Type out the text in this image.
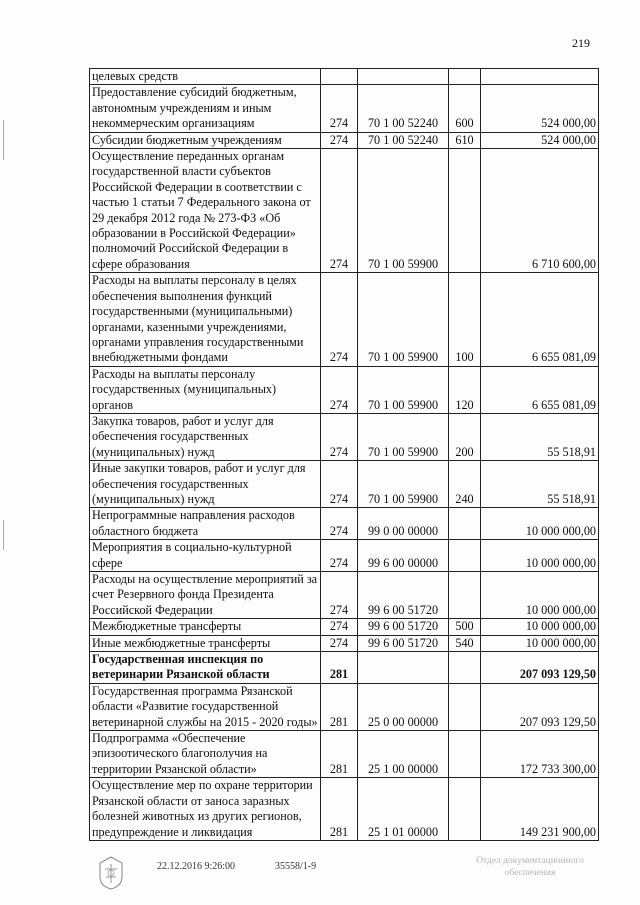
219
целевых средств				
Предоставление субсидий бюджетным, автономным учреждениям и иным некоммерческим организациям	274	70 1 00 52240	600	524 000,00
Субсидии бюджетным учреждениям	274	70 1 00 52240	610	524 000,00
Осуществление переданных органам государственной власти субъектов Российской Федерации в соответствии с частью 1 статьи 7 Федерального закона от 29 декабря 2012 года № 273-ФЗ «Об образовании в Российской Федерации» полномочий Российской Федерации в сфере образования	274	70 1 00 59900		6 710 600,00
Расходы на выплаты персоналу в целях обеспечения выполнения функций государственными (муниципальными) органами, казенными учреждениями, органами управления государственными внебюджетными фондами	274	70 1 00 59900	100	6 655 081,09
Расходы на выплаты персоналу государственных (муниципальных) органов	274	70 1 00 59900	120	6 655 081,09
Закупка товаров, работ и услуг для обеспечения государственных (муниципальных) нужд	274	70 1 00 59900	200	55 518,91
Иные закупки товаров, работ и услуг для обеспечения государственных (муниципальных) нужд	274	70 1 00 59900	240	55 518,91
Непрограммные направления расходов областного бюджета	274	99 0 00 00000		10 000 000,00
Мероприятия в социально-культурной сфере	274	99 6 00 00000		10 000 000,00
Расходы на осуществление мероприятий за счет Резервного фонда Президента Российской Федерации	274	99 6 00 51720		10 000 000,00
Межбюджетные трансферты	274	99 6 00 51720	500	10 000 000,00
Иные межбюджетные трансферты	274	99 6 00 51720	540	10 000 000,00
Государственная инспекция по ветеринарии Рязанской области	281			207 093 129,50
Государственная программа Рязанской области «Развитие государственной ветеринарной службы на 2015 - 2020 годы»	281	25 0 00 00000		207 093 129,50
Подпрограмма «Обеспечение эпизоотического благополучия на территории Рязанской области»	281	25 1 00 00000		172 733 300,00
Осуществление мер по охране территории Рязанской области от заноса заразных болезней животных из других регионов, предупреждение и ликвидация	281	25 1 01 00000		149 231 900,00
22.12.2016 9:26:00	35558/1-9	Отдел документационного обеспечения
